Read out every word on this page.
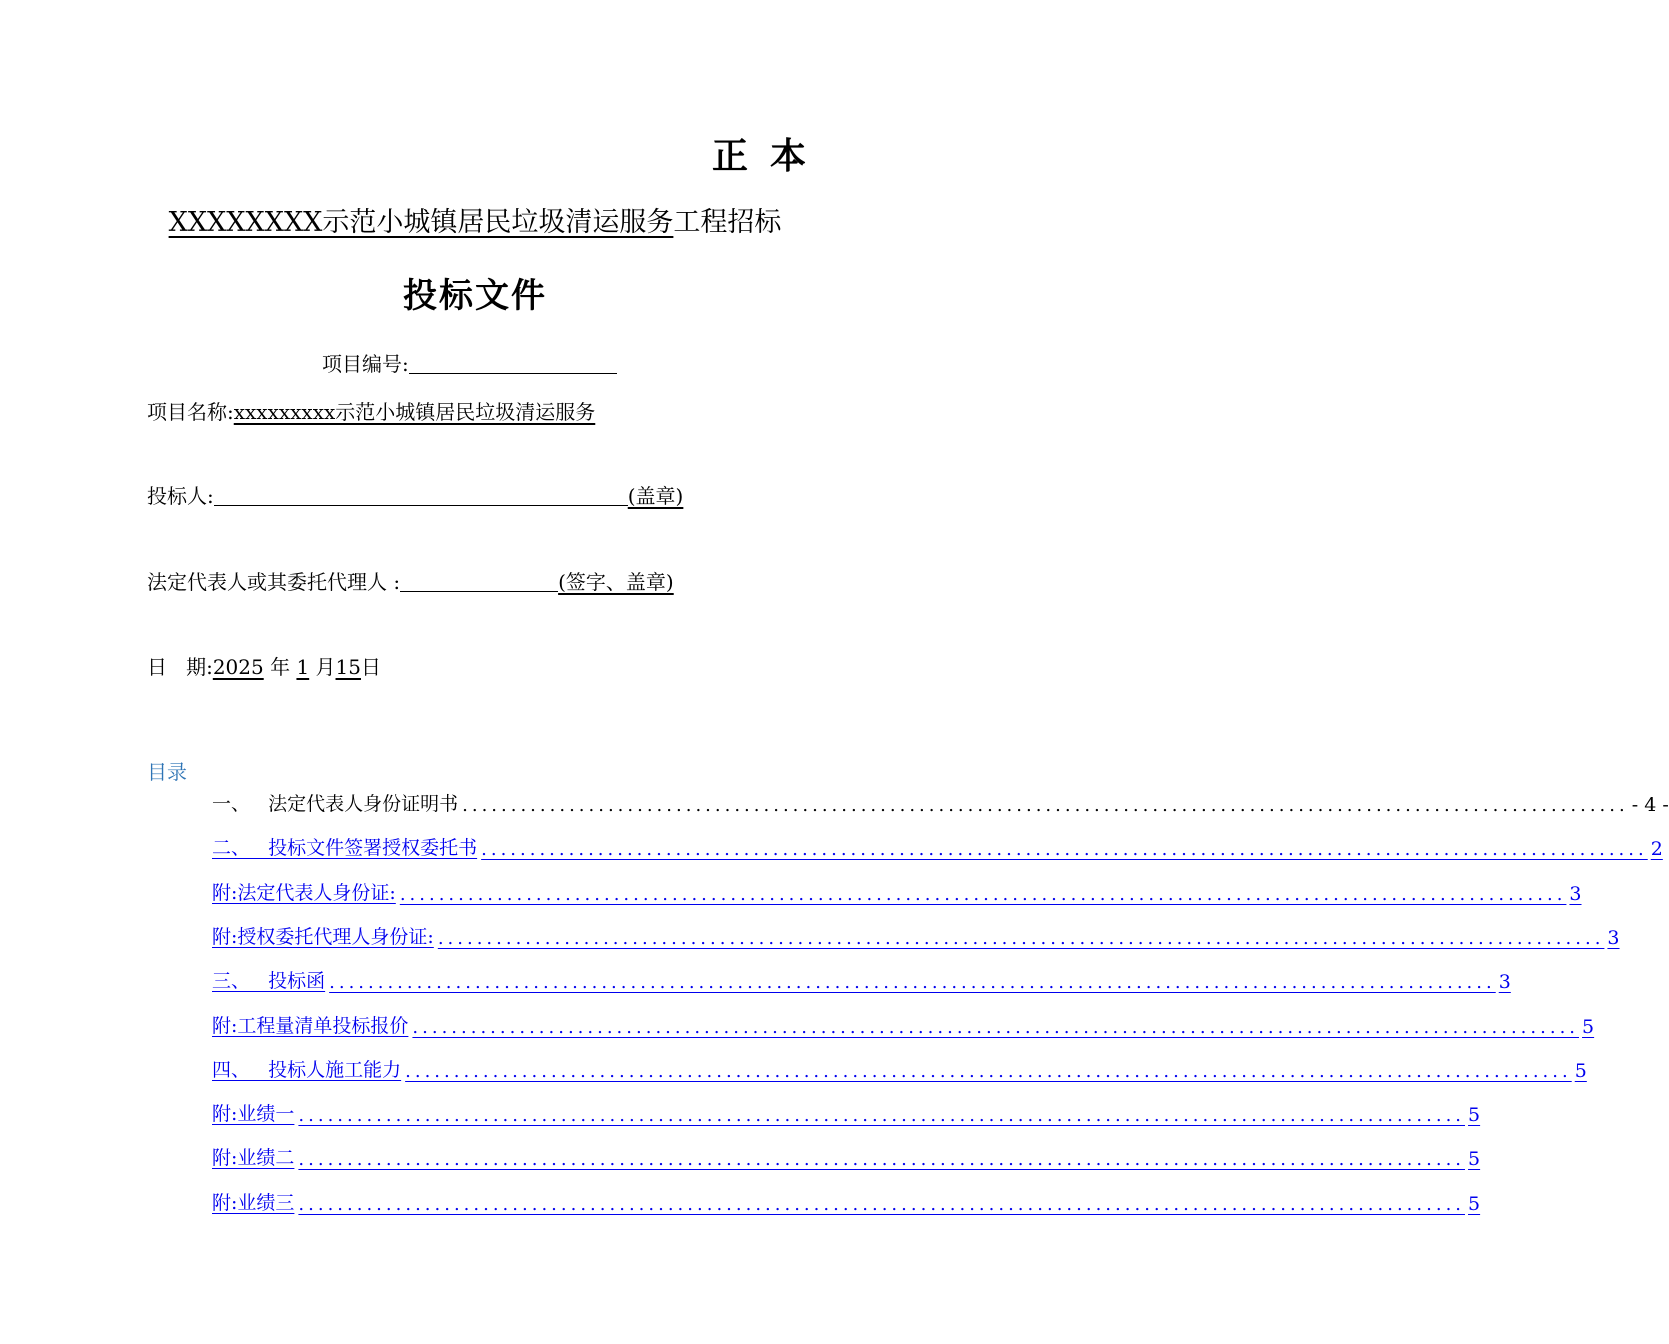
正本
XXXXXXXX示范小城镇居民垃圾清运服务工程招标
投标文件
项目编号:
项目名称:xxxxxxxxx示范小城镇居民垃圾清运服务
投标人:	(盖章)
法定代表人或其委托代理人 :	(签字、盖章)
日   期:2025 年 1 月15日
目录
一、   法定代表人身份证明书 ........................................................................................................................ - 4 -
二、   投标文件签署授权委托书 ........................................................................................................................ 2
附:法定代表人身份证: ........................................................................................................................ 3
附:授权委托代理人身份证: ........................................................................................................................ 3
三、   投标函 ........................................................................................................................ 3
附:工程量清单投标报价 ........................................................................................................................ 5
四、   投标人施工能力 ........................................................................................................................ 5
附:业绩一 ........................................................................................................................ 5
附:业绩二 ........................................................................................................................ 5
附:业绩三 ........................................................................................................................ 5
